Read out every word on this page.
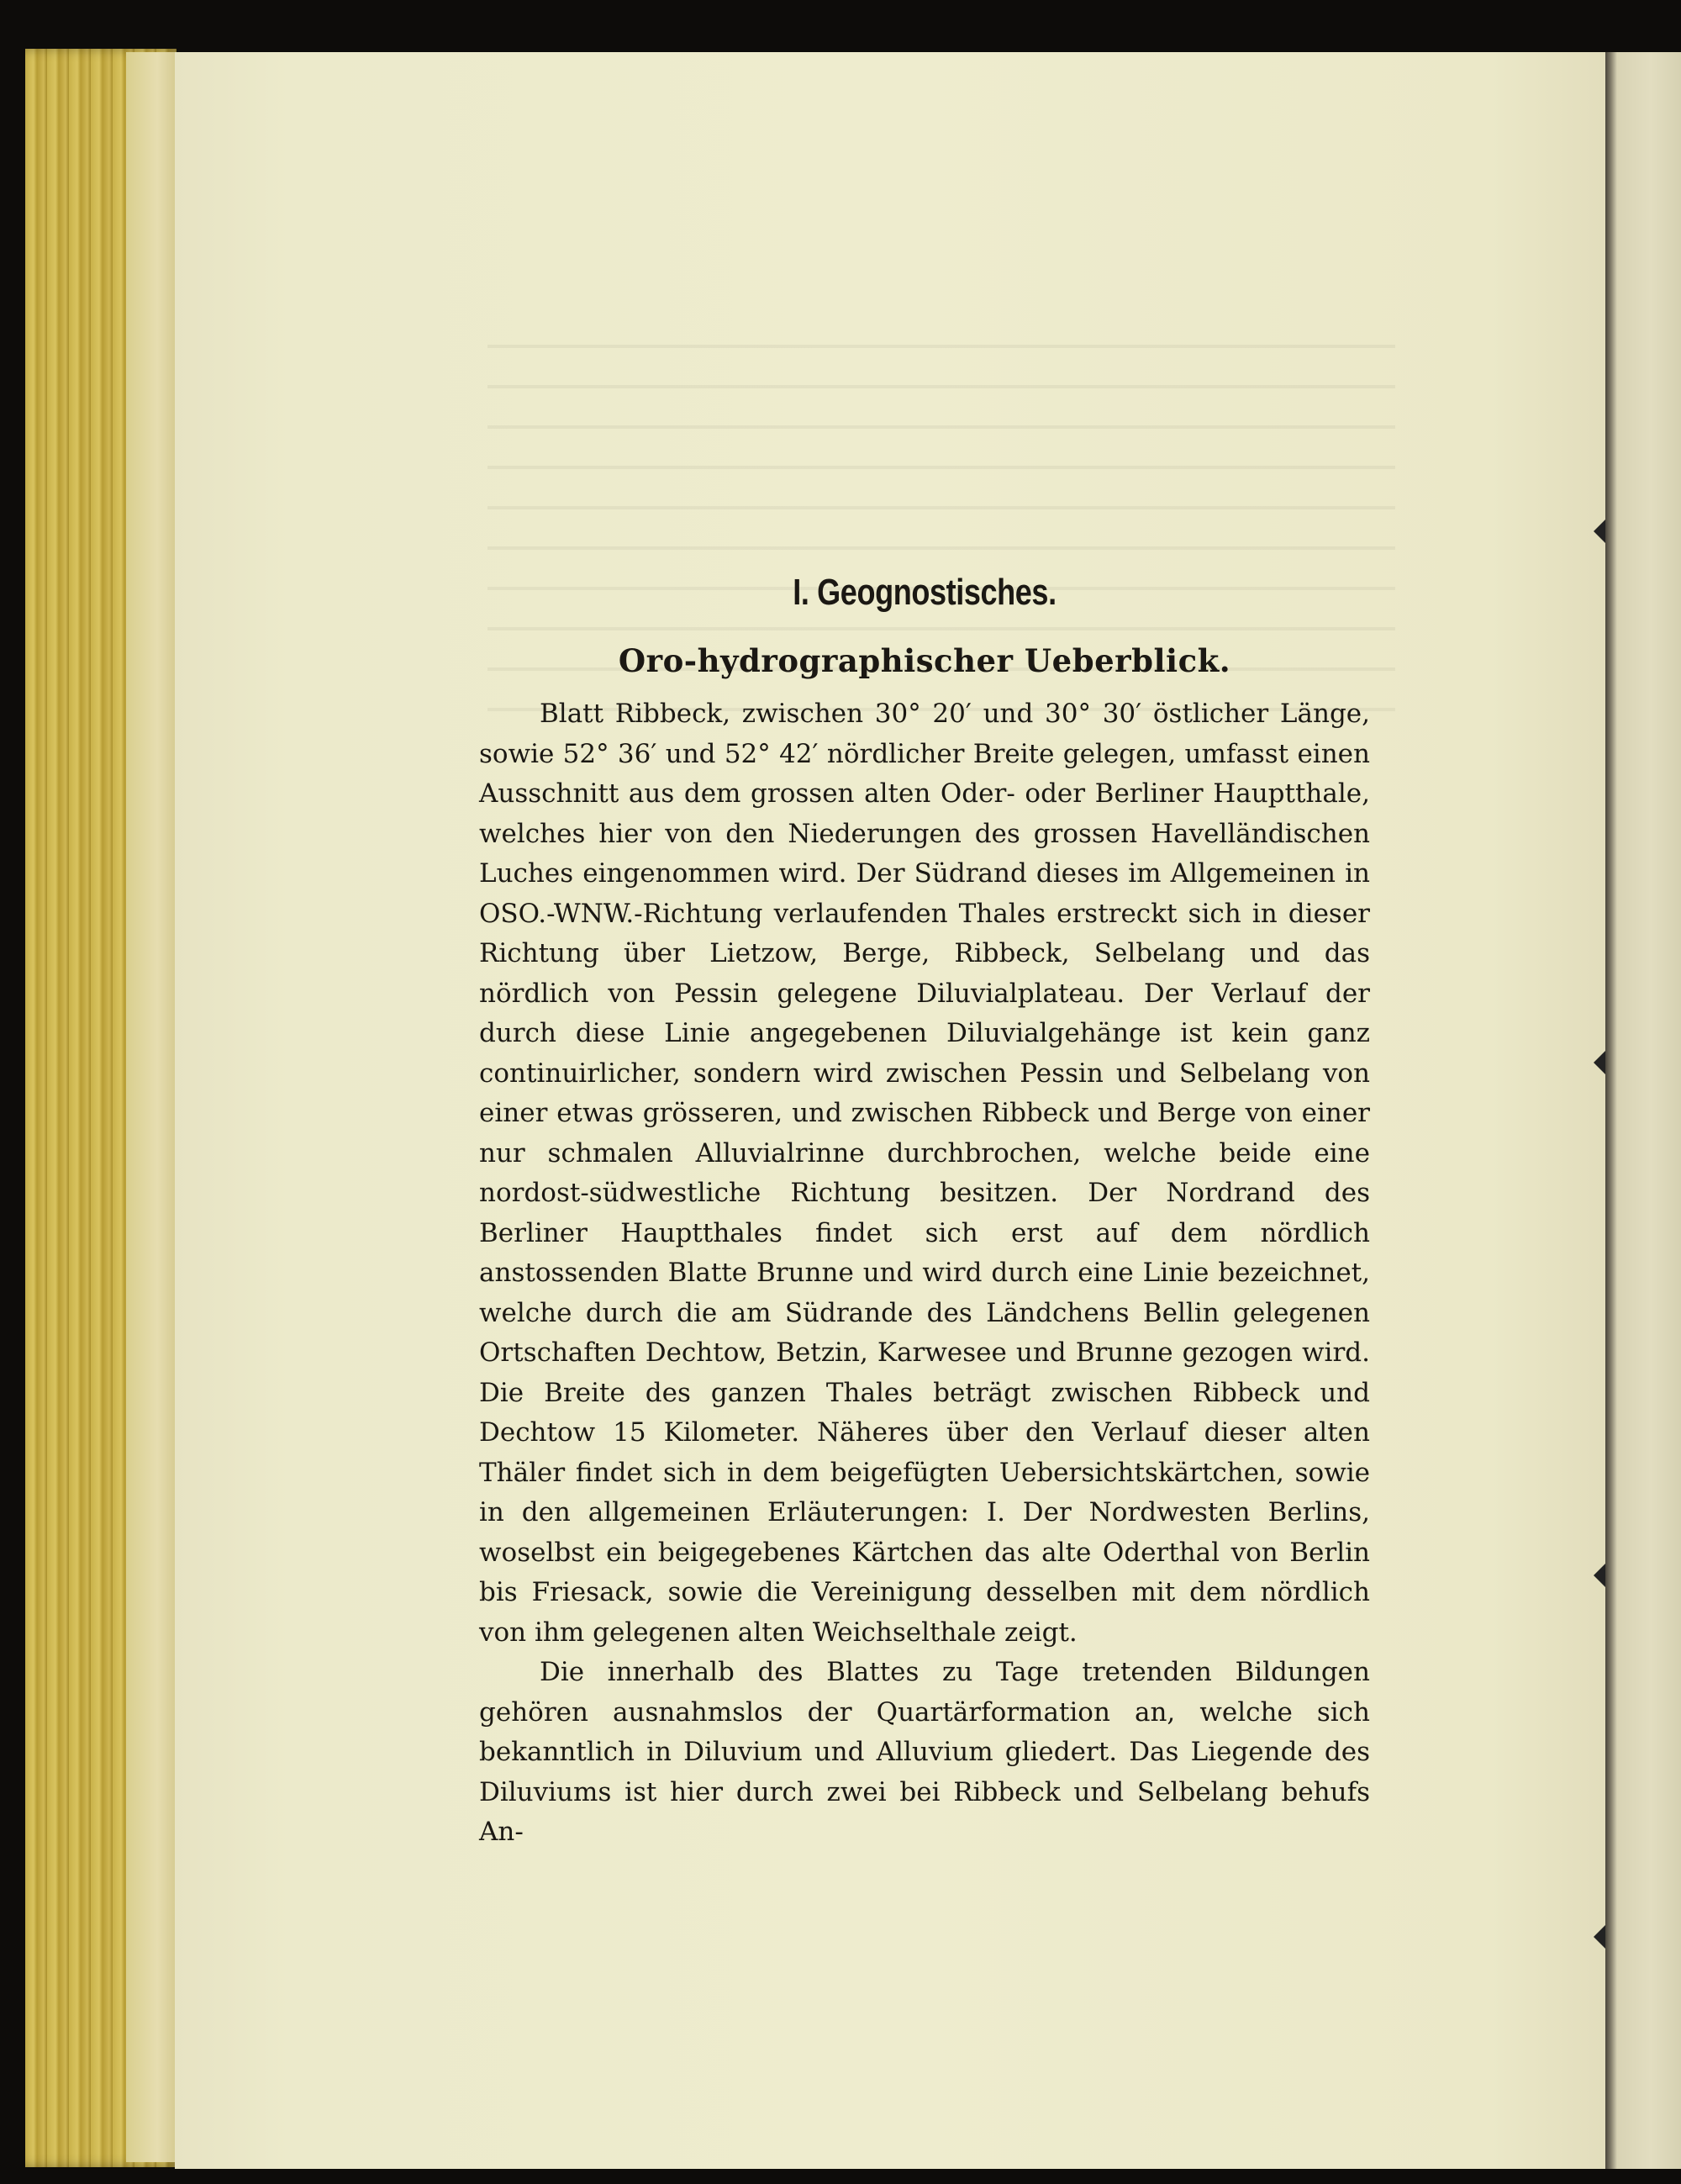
I. Geognostisches.
Oro-hydrographischer Ueberblick.

Blatt Ribbeck, zwischen 30° 20′ und 30° 30′ östlicher Länge, sowie 52° 36′ und 52° 42′ nördlicher Breite gelegen, umfasst einen Ausschnitt aus dem grossen alten Oder- oder Berliner Hauptthale, welches hier von den Niederungen des grossen Havelländischen Luches eingenommen wird. Der Südrand dieses im Allgemeinen in OSO.-WNW.-Richtung verlaufenden Thales erstreckt sich in dieser Richtung über Lietzow, Berge, Ribbeck, Selbelang und das nördlich von Pessin gelegene Diluvialplateau. Der Verlauf der durch diese Linie angegebenen Diluvialgehänge ist kein ganz continuirlicher, sondern wird zwischen Pessin und Selbelang von einer etwas grösseren, und zwischen Ribbeck und Berge von einer nur schmalen Alluvialrinne durchbrochen, welche beide eine nordost-südwestliche Richtung besitzen. Der Nordrand des Berliner Hauptthales findet sich erst auf dem nördlich anstossenden Blatte Brunne und wird durch eine Linie bezeichnet, welche durch die am Südrande des Ländchens Bellin gelegenen Ortschaften Dechtow, Betzin, Karwesee und Brunne gezogen wird. Die Breite des ganzen Thales beträgt zwischen Ribbeck und Dechtow 15 Kilometer. Näheres über den Verlauf dieser alten Thäler findet sich in dem beigefügten Uebersichtskärtchen, sowie in den allgemeinen Erläuterungen: I. Der Nordwesten Berlins, woselbst ein beigegebenes Kärtchen das alte Oderthal von Berlin bis Friesack, sowie die Vereinigung desselben mit dem nördlich von ihm gelegenen alten Weichselthale zeigt.

Die innerhalb des Blattes zu Tage tretenden Bildungen gehören ausnahmslos der Quartärformation an, welche sich bekanntlich in Diluvium und Alluvium gliedert. Das Liegende des Diluviums ist hier durch zwei bei Ribbeck und Selbelang behufs An-
